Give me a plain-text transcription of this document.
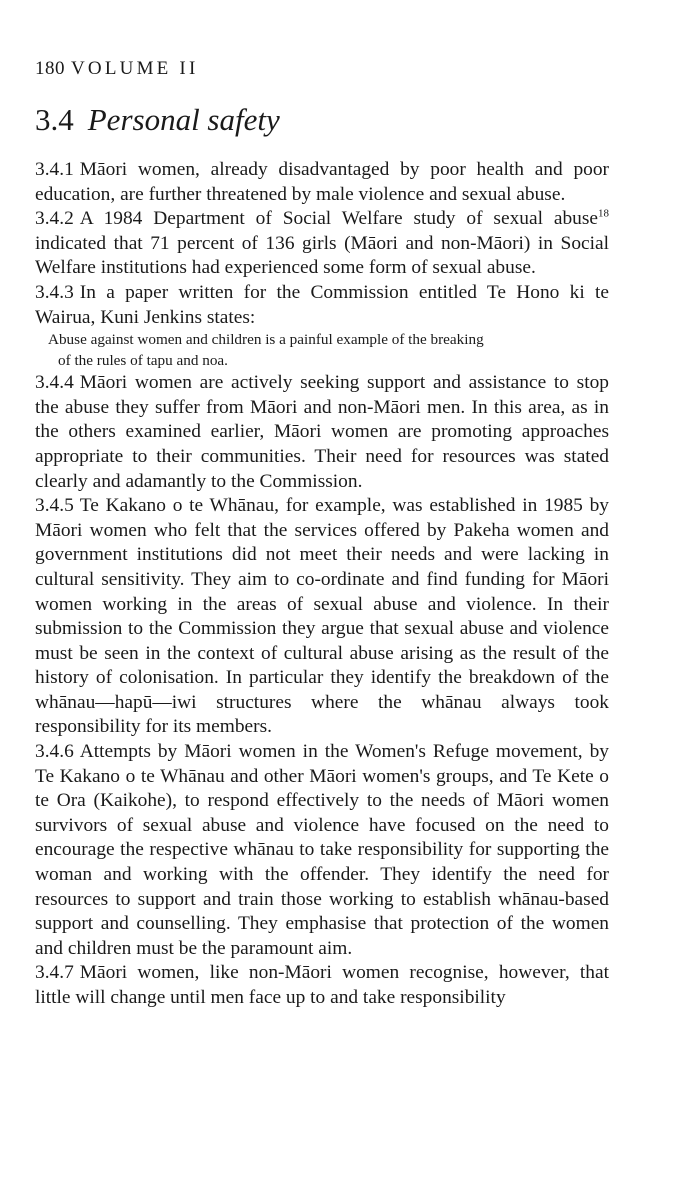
180 VOLUME II

3.4 Personal safety

3.4.1 Māori women, already disadvantaged by poor health and poor education, are further threatened by male violence and sexual abuse.

3.4.2 A 1984 Department of Social Welfare study of sexual abuse$^{18}$ indicated that 71 percent of 136 girls (Māori and non-Māori) in Social Welfare institutions had experienced some form of sexual abuse.

3.4.3 In a paper written for the Commission entitled Te Hono ki te Wairua, Kuni Jenkins states:

Abuse against women and children is a painful example of the breaking
of the rules of tapu and noa.

3.4.4 Māori women are actively seeking support and assistance to stop the abuse they suffer from Māori and non-Māori men. In this area, as in the others examined earlier, Māori women are promoting approaches appropriate to their communities. Their need for resources was stated clearly and adamantly to the Commission.

3.4.5 Te Kakano o te Whānau, for example, was established in 1985 by Māori women who felt that the services offered by Pakeha women and government institutions did not meet their needs and were lacking in cultural sensitivity. They aim to co-ordinate and find funding for Māori women working in the areas of sexual abuse and violence. In their submission to the Commission they argue that sexual abuse and violence must be seen in the context of cultural abuse arising as the result of the history of colonisation. In particular they identify the breakdown of the whānau—hapū—iwi structures where the whānau always took responsibility for its members.

3.4.6 Attempts by Māori women in the Women's Refuge movement, by Te Kakano o te Whānau and other Māori women's groups, and Te Kete o te Ora (Kaikohe), to respond effectively to the needs of Māori women survivors of sexual abuse and violence have focused on the need to encourage the respective whānau to take responsibility for supporting the woman and working with the offender. They identify the need for resources to support and train those working to establish whānau-based support and counselling. They emphasise that protection of the women and children must be the paramount aim.

3.4.7 Māori women, like non-Māori women recognise, however, that little will change until men face up to and take responsibility
